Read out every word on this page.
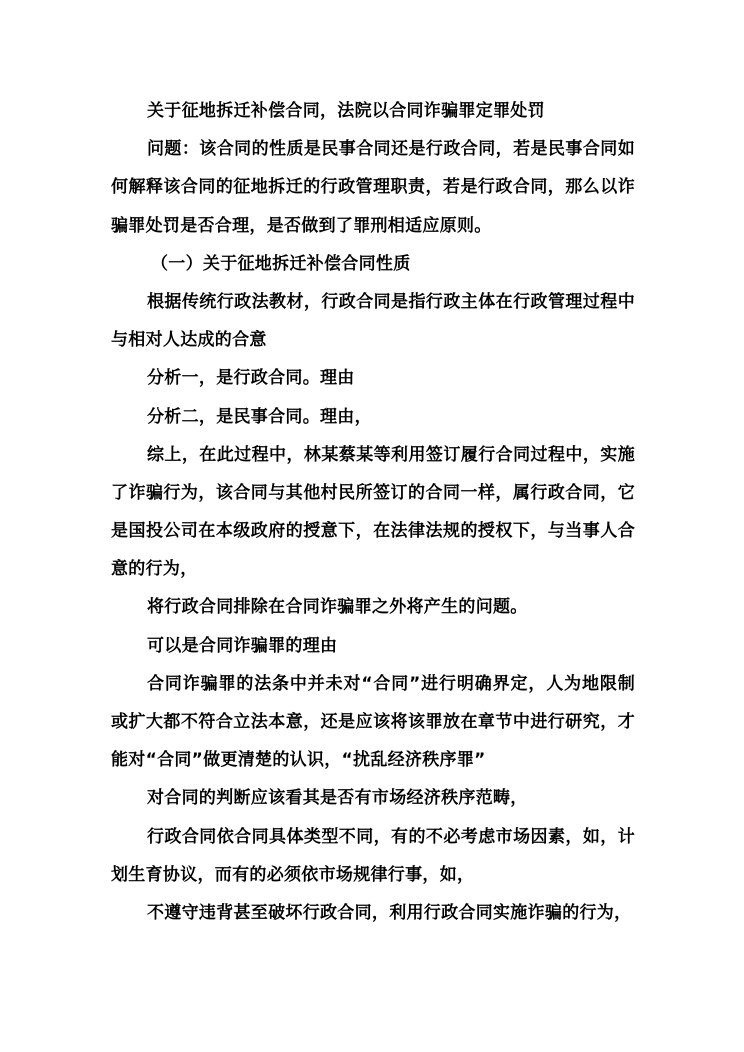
关于征地拆迁补偿合同，法院以合同诈骗罪定罪处罚
问题：该合同的性质是民事合同还是行政合同，若是民事合同如
何解释该合同的征地拆迁的行政管理职责，若是行政合同，那么以诈
骗罪处罚是否合理，是否做到了罪刑相适应原则。
（一）关于征地拆迁补偿合同性质
根据传统行政法教材，行政合同是指行政主体在行政管理过程中
与相对人达成的合意
分析一，是行政合同。理由
分析二，是民事合同。理由，
综上，在此过程中，林某蔡某等利用签订履行合同过程中，实施
了诈骗行为，该合同与其他村民所签订的合同一样，属行政合同，它
是国投公司在本级政府的授意下，在法律法规的授权下，与当事人合
意的行为，
将行政合同排除在合同诈骗罪之外将产生的问题。
可以是合同诈骗罪的理由
合同诈骗罪的法条中并未对“合同”进行明确界定，人为地限制
或扩大都不符合立法本意，还是应该将该罪放在章节中进行研究，才
能对“合同”做更清楚的认识，“扰乱经济秩序罪”
对合同的判断应该看其是否有市场经济秩序范畴，
行政合同依合同具体类型不同，有的不必考虑市场因素，如，计
划生育协议，而有的必须依市场规律行事，如，
不遵守违背甚至破坏行政合同，利用行政合同实施诈骗的行为，
